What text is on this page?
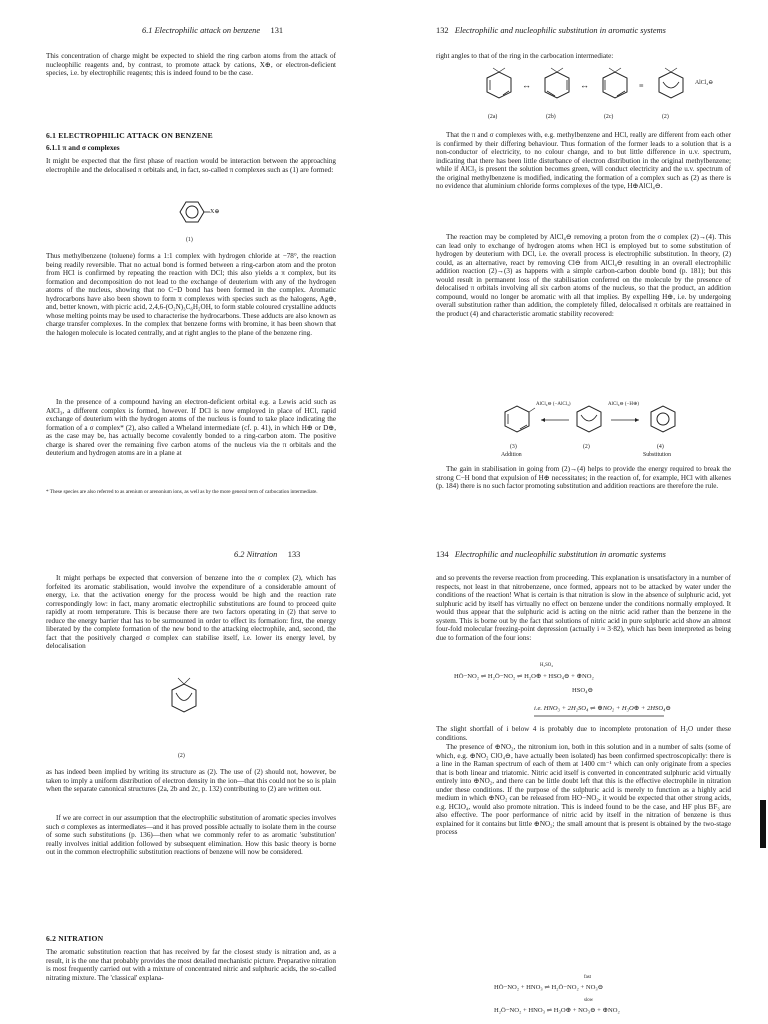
6.1 Electrophilic attack on benzene 131

This concentration of charge might be expected to shield the ring carbon atoms from the attack of nucleophilic reagents and, by contrast, to promote attack by cations, X⊕, or electron-deficient species, i.e. by electrophilic reagents; this is indeed found to be the case.

6.1 ELECTROPHILIC ATTACK ON BENZENE
6.1.1 π and σ complexes

It might be expected that the first phase of reaction would be interaction between the approaching electrophile and the delocalised π orbitals and, in fact, so-called π complexes such as (1) are formed:

X⊕
(1)

Thus methylbenzene (toluene) forms a 1:1 complex with hydrogen chloride at −78°, the reaction being readily reversible. That no actual bond is formed between a ring-carbon atom and the proton from HCl is confirmed by repeating the reaction with DCl; this also yields a π complex, but its formation and decomposition do not lead to the exchange of deuterium with any of the hydrogen atoms of the nucleus, showing that no C−D bond has been formed in the complex. Aromatic hydrocarbons have also been shown to form π complexes with species such as the halogens, Ag⊕, and, better known, with picric acid, 2,4,6-(O₂N)₃C₆H₂OH, to form stable coloured crystalline adducts whose melting points may be used to characterise the hydrocarbons. These adducts are also known as charge transfer complexes. In the complex that benzene forms with bromine, it has been shown that the halogen molecule is located centrally, and at right angles to the plane of the benzene ring.

In the presence of a compound having an electron-deficient orbital e.g. a Lewis acid such as AlCl₃, a different complex is formed, however. If DCl is now employed in place of HCl, rapid exchange of deuterium with the hydrogen atoms of the nucleus is found to take place indicating the formation of a σ complex* (2), also called a Wheland intermediate (cf. p. 41), in which H⊕ or D⊕, as the case may be, has actually become covalently bonded to a ring-carbon atom. The positive charge is shared over the remaining five carbon atoms of the nucleus via the π orbitals and the deuterium and hydrogen atoms are in a plane at

* These species are also referred to as arenium or arenonium ions, as well as by the more general term of carbocation intermediate.

132 Electrophilic and nucleophilic substitution in aromatic systems

right angles to that of the ring in the carbocation intermediate:

↔	↔	≡	AlCl₄⊖
(2a)	(2b)	(2c)	(2)

That the π and σ complexes with, e.g. methylbenzene and HCl, really are different from each other is confirmed by their differing behaviour. Thus formation of the former leads to a solution that is a non-conductor of electricity, to no colour change, and to but little difference in u.v. spectrum, indicating that there has been little disturbance of electron distribution in the original methylbenzene; while if AlCl₃ is present the solution becomes green, will conduct electricity and the u.v. spectrum of the original methylbenzene is modified, indicating the formation of a complex such as (2) as there is no evidence that aluminium chloride forms complexes of the type, H⊕AlCl₄⊖.

The reaction may be completed by AlCl₄⊖ removing a proton from the σ complex (2)→(4). This can lead only to exchange of hydrogen atoms when HCl is employed but to some substitution of hydrogen by deuterium with DCl, i.e. the overall process is electrophilic substitution. In theory, (2) could, as an alternative, react by removing Cl⊖ from AlCl₄⊖ resulting in an overall electrophilic addition reaction (2)→(3) as happens with a simple carbon-carbon double bond (p. 181); but this would result in permanent loss of the stabilisation conferred on the molecule by the presence of delocalised π orbitals involving all six carbon atoms of the nucleus, so that the product, an addition compound, would no longer be aromatic with all that implies. By expelling H⊕, i.e. by undergoing overall substitution rather than addition, the completely filled, delocalised π orbitals are reattained in the product (4) and characteristic aromatic stability recovered:

AlCl₄⊖ (−AlCl₃)	AlCl₄⊖ (−H⊕)
(3)	(2)	(4)
Addition	Substitution

The gain in stabilisation in going from (2)→(4) helps to provide the energy required to break the strong C−H bond that expulsion of H⊕ necessitates; in the reaction of, for example, HCl with alkenes (p. 184) there is no such factor promoting substitution and addition reactions are therefore the rule.

6.2 Nitration 133

It might perhaps be expected that conversion of benzene into the σ complex (2), which has forfeited its aromatic stabilisation, would involve the expenditure of a considerable amount of energy, i.e. that the activation energy for the process would be high and the reaction rate correspondingly low: in fact, many aromatic electrophilic substitutions are found to proceed quite rapidly at room temperature. This is because there are two factors operating in (2) that serve to reduce the energy barrier that has to be surmounted in order to effect its formation: first, the energy liberated by the complete formation of the new bond to the attacking electrophile, and, second, the fact that the positively charged σ complex can stabilise itself, i.e. lower its energy level, by delocalisation

(2)

as has indeed been implied by writing its structure as (2). The use of (2) should not, however, be taken to imply a uniform distribution of electron density in the ion—that this could not be so is plain when the separate canonical structures (2a, 2b and 2c, p. 132) contributing to (2) are written out.

If we are correct in our assumption that the electrophilic substitution of aromatic species involves such σ complexes as intermediates—and it has proved possible actually to isolate them in the course of some such substitutions (p. 136)—then what we commonly refer to as aromatic 'substitution' really involves initial addition followed by subsequent elimination. How this basic theory is borne out in the common electrophilic substitution reactions of benzene will now be considered.

6.2 NITRATION

The aromatic substitution reaction that has received by far the closest study is nitration and, as a result, it is the one that probably provides the most detailed mechanistic picture. Preparative nitration is most frequently carried out with a mixture of concentrated nitric and sulphuric acids, the so-called nitrating mixture. The 'classical' explana-

134 Electrophilic and nucleophilic substitution in aromatic systems

and so prevents the reverse reaction from proceeding. This explanation is unsatisfactory in a number of respects, not least in that nitrobenzene, once formed, appears not to be attacked by water under the conditions of the reaction! What is certain is that nitration is slow in the absence of sulphuric acid, yet sulphuric acid by itself has virtually no effect on benzene under the conditions normally employed. It would thus appear that the sulphuric acid is acting on the nitric acid rather than the benzene in the system. This is borne out by the fact that solutions of nitric acid in pure sulphuric acid show an almost four-fold molecular freezing-point depression (actually i ≈ 3·82), which has been interpreted as being due to formation of the four ions:

H₂SO₄
HÖ−NO₂ ⇌ H₂Ö−NO₂ ⇌ H₂O⊕ + HSO₄⊖ + ⊕NO₂
HSO₄⊖
i.e. HNO₃ + 2H₂SO₄ ⇌ ⊕NO₂ + H₃O⊕ + 2HSO₄⊖

The slight shortfall of i below 4 is probably due to incomplete protonation of H₂O under these conditions.

The presence of ⊕NO₂, the nitronium ion, both in this solution and in a number of salts (some of which, e.g. ⊕NO₂ ClO₄⊖, have actually been isolated) has been confirmed spectroscopically: there is a line in the Raman spectrum of each of them at 1400 cm⁻¹ which can only originate from a species that is both linear and triatomic. Nitric acid itself is converted in concentrated sulphuric acid virtually entirely into ⊕NO₂, and there can be little doubt left that this is the effective electrophile in nitration under these conditions. If the purpose of the sulphuric acid is merely to function as a highly acid medium in which ⊕NO₂ can be released from HO−NO₂, it would be expected that other strong acids, e.g. HClO₄, would also promote nitration. This is indeed found to be the case, and HF plus BF₃ are also effective. The poor performance of nitric acid by itself in the nitration of benzene is thus explained for it contains but little ⊕NO₂; the small amount that is present is obtained by the two-stage process

fast
HÖ−NO₂ + HNO₃ ⇌ H₂Ö−NO₂ + NO₃⊖
slow
H₂Ö−NO₂ + HNO₃ ⇌ H₃O⊕ + NO₃⊖ + ⊕NO₂
